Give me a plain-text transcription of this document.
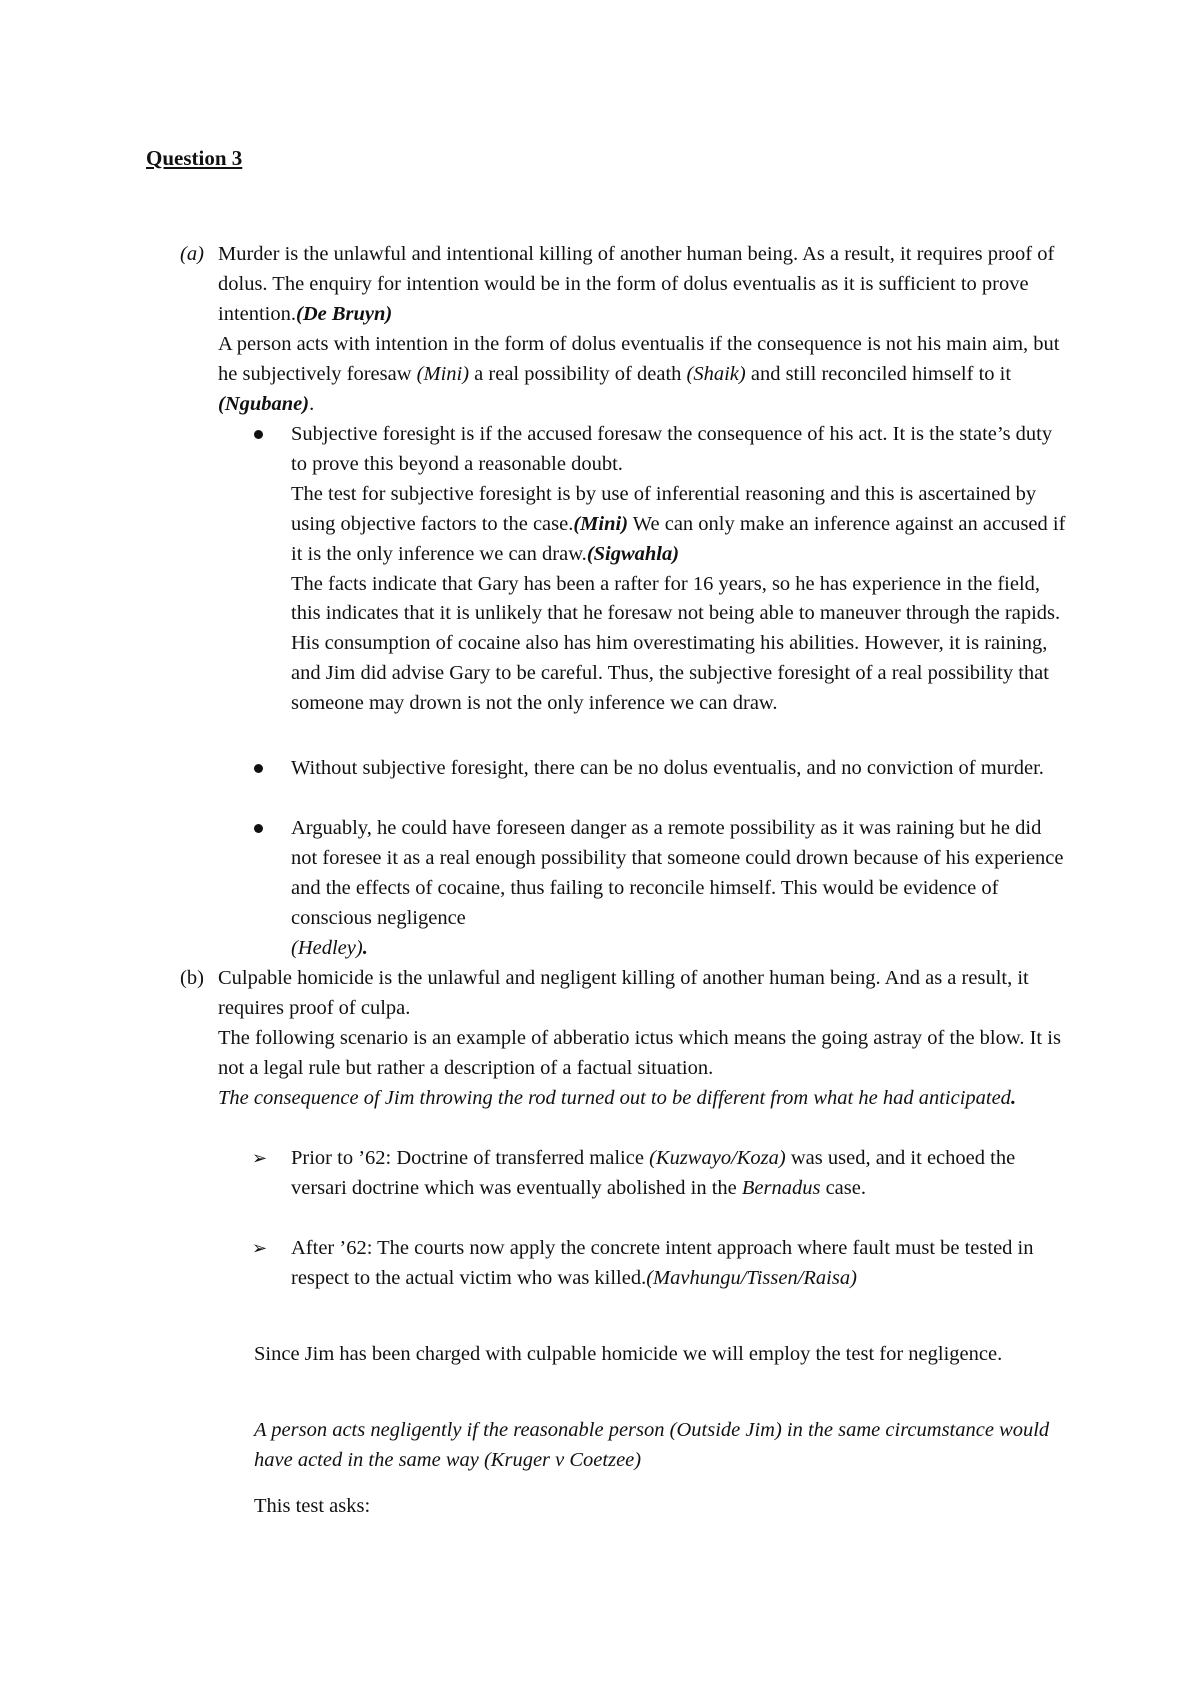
Question 3
(a) Murder is the unlawful and intentional killing of another human being. As a result, it requires proof of dolus. The enquiry for intention would be in the form of dolus eventualis as it is sufficient to prove intention.(De Bruyn)
A person acts with intention in the form of dolus eventualis if the consequence is not his main aim, but he subjectively foresaw (Mini) a real possibility of death (Shaik) and still reconciled himself to it (Ngubane).

Subjective foresight is if the accused foresaw the consequence of his act. It is the state’s duty to prove this beyond a reasonable doubt.

The test for subjective foresight is by use of inferential reasoning and this is ascertained by using objective factors to the case.(Mini) We can only make an inference against an accused if it is the only inference we can draw.(Sigwahla)

The facts indicate that Gary has been a rafter for 16 years, so he has experience in the field, this indicates that it is unlikely that he foresaw not being able to maneuver through the rapids. His consumption of cocaine also has him overestimating his abilities. However, it is raining, and Jim did advise Gary to be careful. Thus, the subjective foresight of a real possibility that someone may drown is not the only inference we can draw.

Without subjective foresight, there can be no dolus eventualis, and no conviction of murder.
Arguably, he could have foreseen danger as a remote possibility as it was raining but he did not foresee it as a real enough possibility that someone could drown because of his experience and the effects of cocaine, thus failing to reconcile himself. This would be evidence of conscious negligence
(Hedley).
(b) Culpable homicide is the unlawful and negligent killing of another human being. And as a result, it requires proof of culpa.

The following scenario is an example of abberatio ictus which means the going astray of the blow. It is not a legal rule but rather a description of a factual situation.

The consequence of Jim throwing the rod turned out to be different from what he had anticipated.

➢ Prior to ’62: Doctrine of transferred malice (Kuzwayo/Koza) was used, and it echoed the versari doctrine which was eventually abolished in the Bernadus case.
➢ After ’62: The courts now apply the concrete intent approach where fault must be tested in respect to the actual victim who was killed.(Mavhungu/Tissen/Raisa)
Since Jim has been charged with culpable homicide we will employ the test for negligence.
A person acts negligently if the reasonable person (Outside Jim) in the same circumstance would have acted in the same way (Kruger v Coetzee)
This test asks:
